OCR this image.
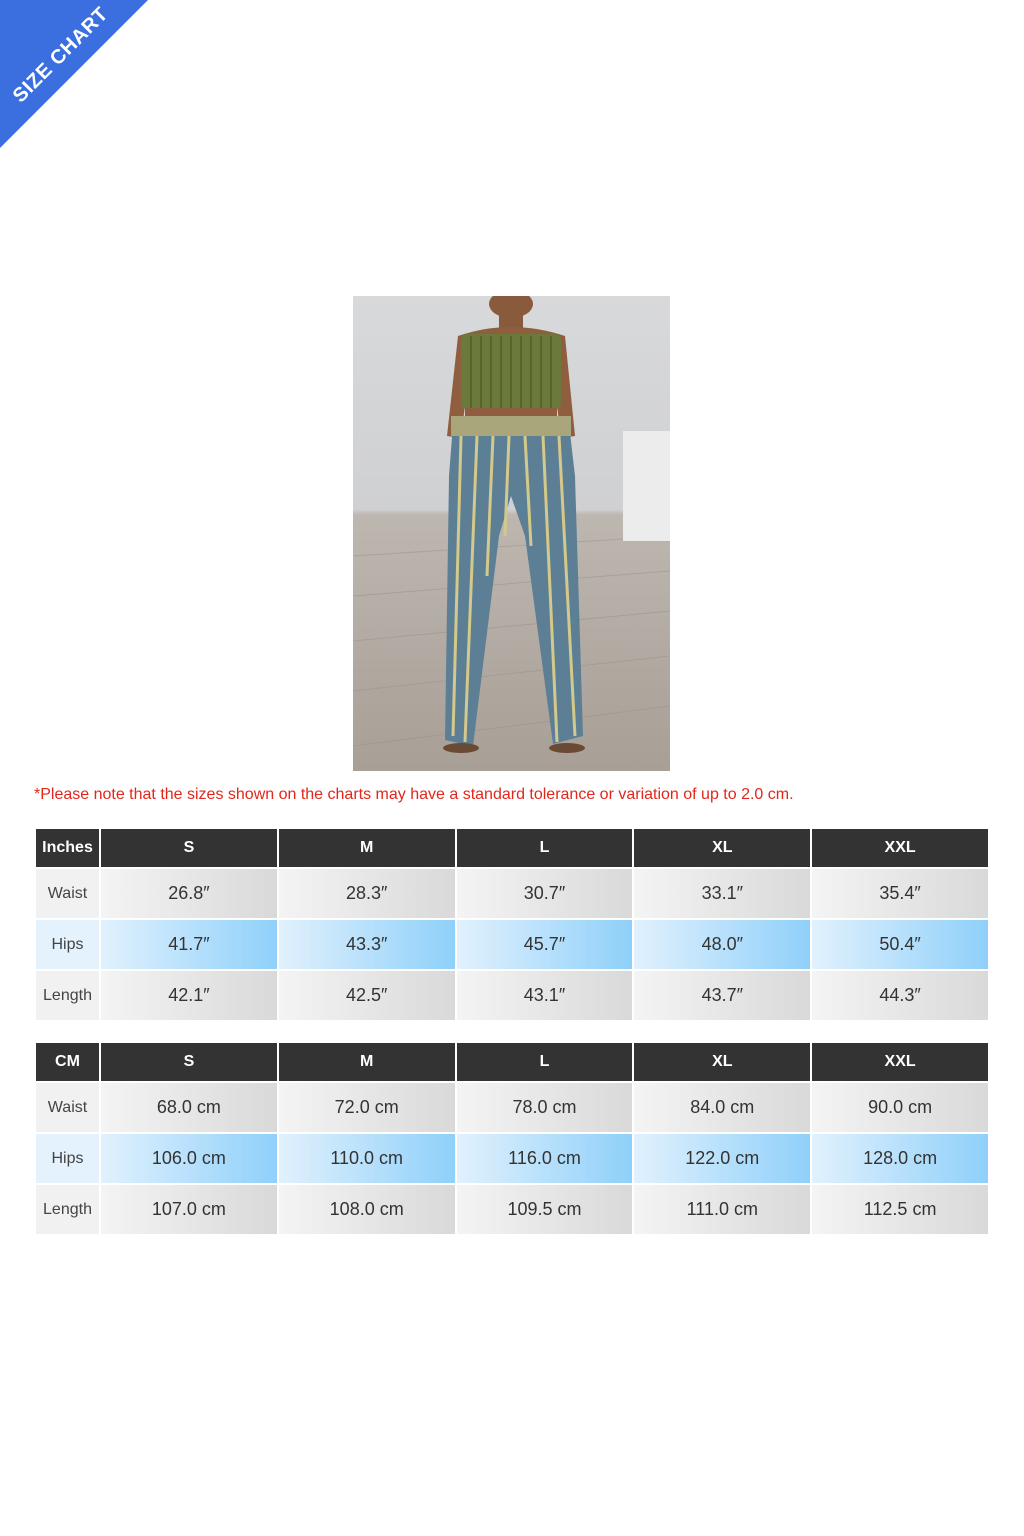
SIZE CHART
*Please note that the sizes shown on the charts may have a standard tolerance or variation of up to 2.0 cm.
Inches	S	M	L	XL	XXL
Waist	26.8″	28.3″	30.7″	33.1″	35.4″
Hips	41.7″	43.3″	45.7″	48.0″	50.4″
Length	42.1″	42.5″	43.1″	43.7″	44.3″
CM	S	M	L	XL	XXL
Waist	68.0 cm	72.0 cm	78.0 cm	84.0 cm	90.0 cm
Hips	106.0 cm	110.0 cm	116.0 cm	122.0 cm	128.0 cm
Length	107.0 cm	108.0 cm	109.5 cm	111.0 cm	112.5 cm
